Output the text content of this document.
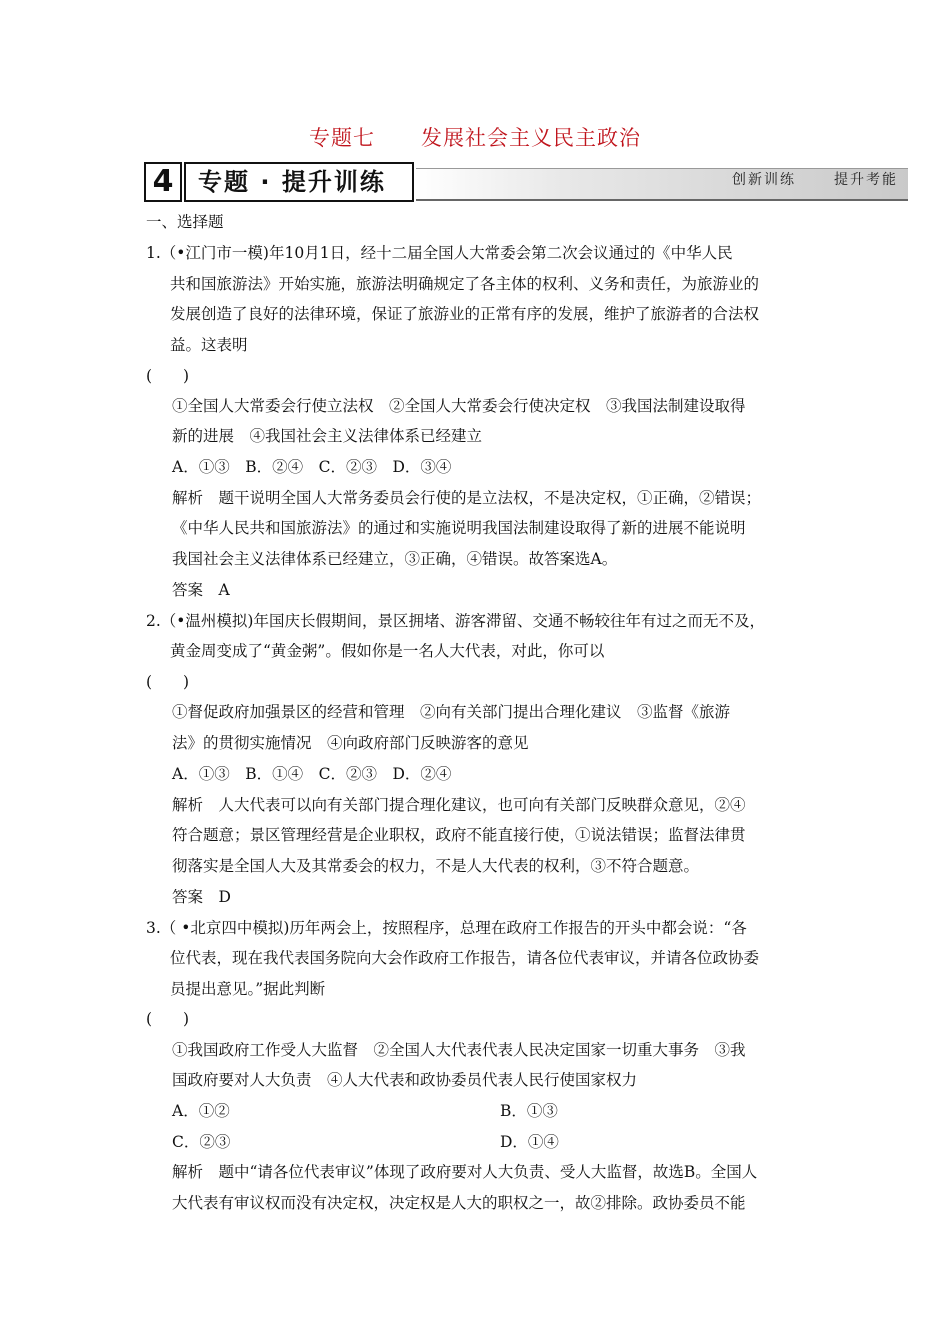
专题七 发展社会主义民主政治
4	专题 · 提升训练	创新训练	提升考能
一、选择题
1.（•江门市一模)年10月1日，经十二届全国人大常委会第二次会议通过的《中华人民
共和国旅游法》开始实施，旅游法明确规定了各主体的权利、义务和责任，为旅游业的
发展创造了良好的法律环境，保证了旅游业的正常有序的发展，维护了旅游者的合法权
益。这表明
(　　)
①全国人大常委会行使立法权　②全国人大常委会行使决定权　③我国法制建设取得
新的进展　④我国社会主义法律体系已经建立
A．①③　B．②④　C．②③　D．③④
解析　题干说明全国人大常务委员会行使的是立法权，不是决定权，①正确，②错误；
《中华人民共和国旅游法》的通过和实施说明我国法制建设取得了新的进展不能说明
我国社会主义法律体系已经建立，③正确，④错误。故答案选A。
答案　A
2.（•温州模拟)年国庆长假期间，景区拥堵、游客滞留、交通不畅较往年有过之而无不及，
黄金周变成了“黄金粥”。假如你是一名人大代表，对此，你可以
(　　)
①督促政府加强景区的经营和管理　②向有关部门提出合理化建议　③监督《旅游
法》的贯彻实施情况　④向政府部门反映游客的意见
A．①③　B．①④　C．②③　D．②④
解析　人大代表可以向有关部门提合理化建议，也可向有关部门反映群众意见，②④
符合题意；景区管理经营是企业职权，政府不能直接行使，①说法错误；监督法律贯
彻落实是全国人大及其常委会的权力，不是人大代表的权利，③不符合题意。
答案　D
3.（ •北京四中模拟)历年两会上，按照程序，总理在政府工作报告的开头中都会说：“各
位代表，现在我代表国务院向大会作政府工作报告，请各位代表审议，并请各位政协委
员提出意见。”据此判断
(　　)
①我国政府工作受人大监督　②全国人大代表代表人民决定国家一切重大事务　③我
国政府要对人大负责　④人大代表和政协委员代表人民行使国家权力
A．①②	B．①③
C．②③	D．①④
解析　题中“请各位代表审议”体现了政府要对人大负责、受人大监督，故选B。全国人
大代表有审议权而没有决定权，决定权是人大的职权之一，故②排除。政协委员不能
